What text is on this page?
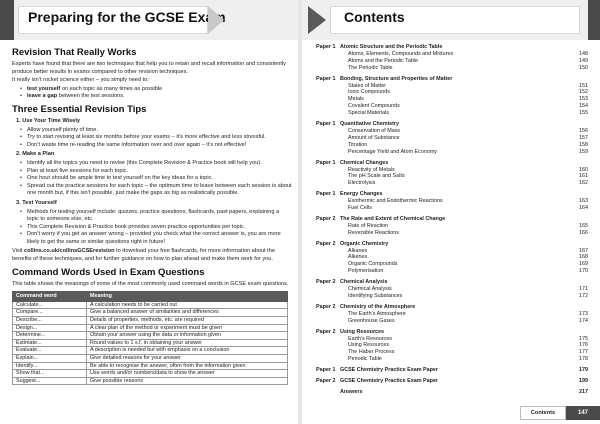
Preparing for the GCSE Exam
Revision That Really Works

Experts have found that there are two techniques that help you to retain and recall information and consistently produce better results in exams compared to other revision techniques.

It really isn’t rocket science either – you simply need to:

• test yourself on each topic as many times as possible
• leave a gap between the test sessions.
Three Essential Revision Tips
1. Use Your Time Wisely
• Allow yourself plenty of time.
• Try to start revising at least six months before your exams – it’s more effective and less stressful.
• Don’t waste time re-reading the same information over and over again – it’s not effective!
2. Make a Plan
• Identify all the topics you need to revise (this Complete Revision & Practice book will help you).
• Plan at least five sessions for each topic.
• One hour should be ample time to test yourself on the key ideas for a topic.
• Spread out the practice sessions for each topic – the optimum time to leave between each session is about one month but, if this isn’t possible, just make the gaps as big as realistically possible.
3. Test Yourself
• Methods for testing yourself include: quizzes, practice questions, flashcards, past papers, explaining a topic to someone else, etc.
• This Complete Revision & Practice book provides seven practice opportunities per topic.
• Don’t worry if you get an answer wrong – provided you check what the correct answer is, you are more likely to get the same or similar questions right in future!

Visit collins.co.uk/collinsGCSErevision to download your free flashcards, for more information about the benefits of these techniques, and for further guidance on how to plan ahead and make them work for you.

Command Words Used in Exam Questions

This table shows the meanings of some of the most commonly used command words in GCSE exam questions.

Command word	Meaning
Calculate...	A calculation needs to be carried out
Compare...	Give a balanced answer of similarities and differences
Describe...	Details of properties, methods, etc. are required
Design...	A clear plan of the method or experiment must be given
Determine...	Obtain your answer using the data or information given
Estimate...	Round values to 1 s.f. in obtaining your answer
Evaluate...	A description is needed but with emphasis on a conclusion
Explain...	Give detailed reasons for your answer
Identify...	Be able to recognise the answer, often from the information given
Show that...	Use words and/or numbers/data to show the answer
Suggest...	Give possible reasons
Contents
Paper 1 Atomic Structure and the Periodic Table
Atoms, Elements, Compounds and Mixtures	148
Atoms and the Periodic Table	149
The Periodic Table	150
Paper 1 Bonding, Structure and Properties of Matter
States of Matter	151
Ionic Compounds	152
Metals	153
Covalent Compounds	154
Special Materials	155
Paper 1 Quantitative Chemistry
Conservation of Mass	156
Amount of Substance	157
Titration	158
Percentage Yield and Atom Economy	159
Paper 1 Chemical Changes
Reactivity of Metals	160
The pH Scale and Salts	161
Electrolysis	162
Paper 1 Energy Changes
Exothermic and Endothermic Reactions	163
Fuel Cells	164
Paper 2 The Rate and Extent of Chemical Change
Rate of Reaction	165
Reversible Reactions	166
Paper 2 Organic Chemistry
Alkanes	167
Alkenes	168
Organic Compounds	169
Polymerisation	170
Paper 2 Chemical Analysis
Chemical Analysis	171
Identifying Substances	172
Paper 2 Chemistry of the Atmosphere
The Earth’s Atmosphere	173
Greenhouse Gases	174
Paper 2 Using Resources
Earth’s Resources	175
Using Resources	176
The Haber Process	177
Periodic Table	178
Paper 1 GCSE Chemistry Practice Exam Paper	179
Paper 2 GCSE Chemistry Practice Exam Paper	199
Answers	217
Contents	147
